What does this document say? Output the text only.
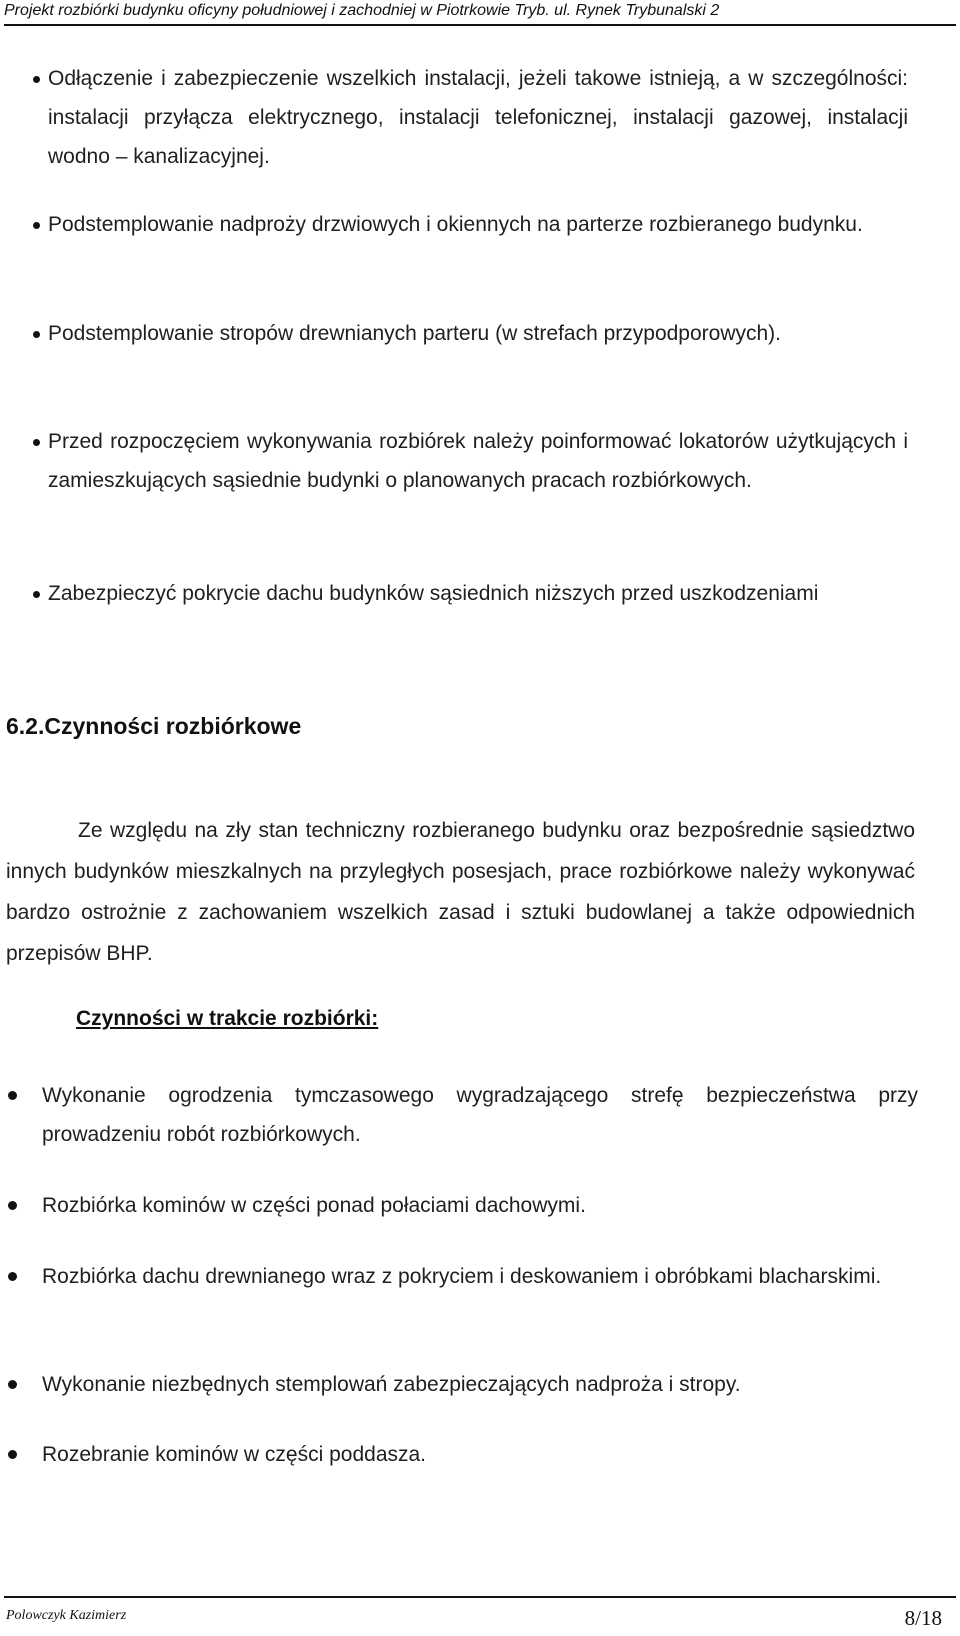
Projekt rozbiórki budynku oficyny południowej i zachodniej w Piotrkowie Tryb. ul. Rynek Trybunalski 2
Odłączenie i zabezpieczenie wszelkich instalacji, jeżeli takowe istnieją, a w szczególności: instalacji przyłącza elektrycznego, instalacji telefonicznej, instalacji gazowej, instalacji wodno – kanalizacyjnej.
Podstemplowanie nadproży drzwiowych i okiennych na parterze rozbieranego budynku.
Podstemplowanie stropów drewnianych parteru (w strefach przypodporowych).
Przed rozpoczęciem wykonywania rozbiórek należy poinformować lokatorów użytkujących i zamieszkujących sąsiednie budynki o planowanych pracach rozbiórkowych.
Zabezpieczyć pokrycie dachu budynków sąsiednich niższych przed uszkodzeniami
6.2.Czynności rozbiórkowe
Ze względu na zły stan techniczny rozbieranego budynku oraz bezpośrednie sąsiedztwo innych budynków mieszkalnych na przyległych posesjach, prace rozbiórkowe należy wykonywać bardzo ostrożnie z zachowaniem wszelkich zasad i sztuki budowlanej a także odpowiednich przepisów BHP.
Czynności w trakcie rozbiórki:
Wykonanie ogrodzenia tymczasowego wygradzającego strefę bezpieczeństwa przy prowadzeniu robót rozbiórkowych.
Rozbiórka kominów w części ponad połaciami dachowymi.
Rozbiórka dachu drewnianego wraz z pokryciem i deskowaniem i obróbkami blacharskimi.
Wykonanie niezbędnych stemplowań zabezpieczających nadproża i stropy.
Rozebranie kominów w części poddasza.
Polowczyk Kazimierz	8/18
